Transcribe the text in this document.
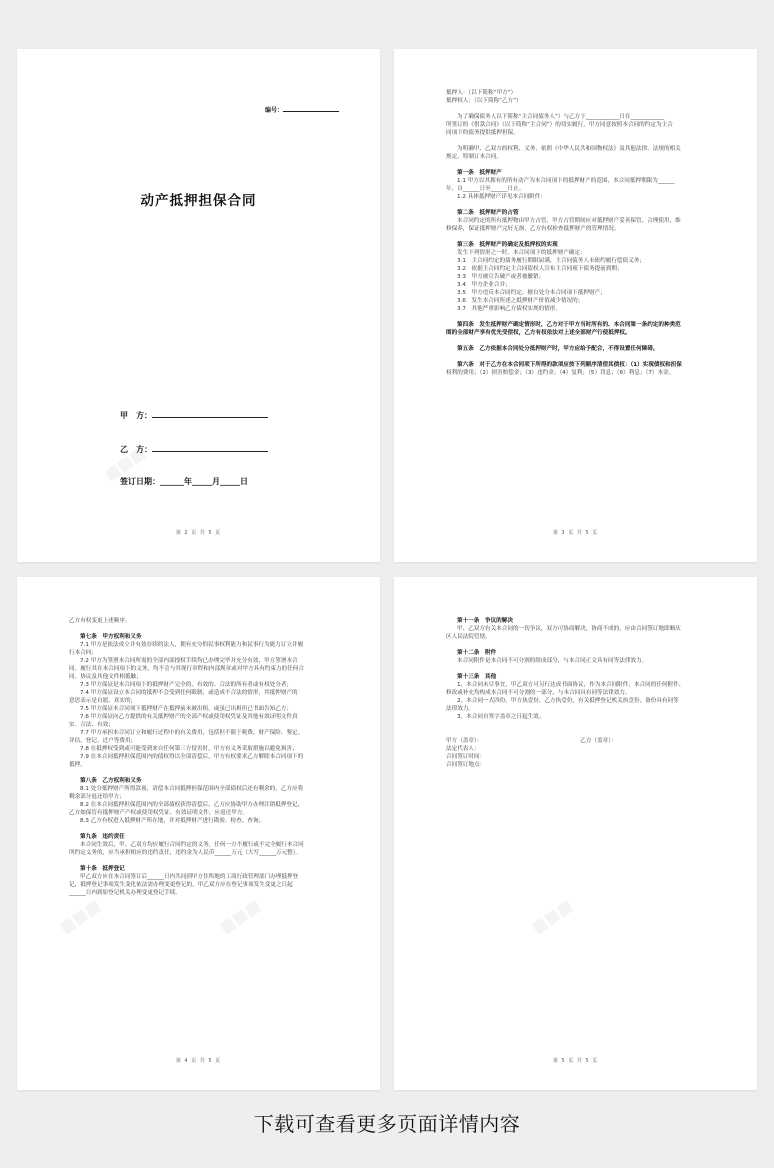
编号：
动产抵押担保合同
甲　方：
乙　方：
签订日期：______年_____月_____日
第 2 页 共 5 页
抵押人：（以下简称“甲方”）
抵押权人：（以下简称“乙方”）
为了确保债务人以下简称“主合同债务人”）与乙方于____________日在____________
所签订的《借款合同》（以下简称“主合同”）的切实履行，甲方同意按照本合同的约定为主合
同项下的债务提供抵押担保。
为明确甲、乙双方的权利、义务，依照《中华人民共和国物权法》及其他法律、法规的相关
规定，特制订本合同。
第一条　抵押财产
1.1 甲方以其拥有的所有动产为本合同项下的抵押财产的范围，本合同抵押期限为______
年，自______日至______日止。
1.2 具体抵押财产详见本合同附件：
第二条　抵押财产的占管
本合同约定的所有抵押物由甲方占管，甲方占管期间应对抵押财产妥善保管、合理使用、维
修保养，保证抵押财产完好无损，乙方有权检查抵押财产的管理情况。
第三条　抵押财产的确定及抵押权的实现
发生下列情形之一时，本合同项下的抵押财产确定：
3.1　主合同约定的债务履行期限届满，主合同债务人未依约履行偿债义务；
3.2　依据主合同约定主合同债权人宣布主合同项下债务提前到期；
3.3　甲方被宣告破产或者被撤销；
3.4　甲方企业合并；
3.5　甲方违反本合同约定，擅自处分本合同项下抵押财产；
3.6　发生本合同所述之抵押财产价值减少情况的；
3.7　其他严重影响乙方债权实现的情形。
第四条　发生抵押财产确定情形时，乙方对于甲方当时所有的、本合同第一条约定的种类范
围的全部财产享有优先受偿权，乙方有权依法对上述全部财产行使抵押权。
第五条　乙方依据本合同处分抵押财产时，甲方应给予配合，不得设置任何障碍。
第六条　对于乙方在本合同项下所得的款项应按下列顺序清偿其债权：（1）实现债权和担保
权利的费用；（2）损害赔偿金；（3）违约金；（4）复利；（5）罚息；（6）利息；（7）本金。
第 3 页 共 5 页
乙方有权变更上述顺序。
第七条　甲方权利和义务
7.1 甲方是依法成立并有效存续的法人，拥有充分的民事权利能力和民事行为能力订立并履
行本合同；
7.2 甲方为签署本合同所需的全部内部授权手续均已办理完毕并充分有效，甲方签署本合
同、履行其在本合同项下的义务，均不会与其现行章程和内部规章或对甲方具有约束力的任何合
同、协议及其他文件相抵触；
7.3 甲方保证是本合同项下的抵押财产完全的、有效的、合法的所有者或有权处分者；
7.4 甲方保证设立本合同的抵押不会受到任何限制，或造成不合法的情形，其抵押财产的
意思表示是自愿、真实的；
7.5 甲方保证本合同项下抵押财产在抵押前未被出租，或虽已出租但已书面告知乙方；
7.6 甲方保证向乙方提供的有关抵押财产的全部产权或使用权凭证及其他有效证明文件真
实、合法、有效；
7.7 甲方承担本合同订立和履行过程中的有关费用，包括但不限于税费、财产保险、鉴定、
评估、登记、过户等费用；
7.8 在抵押权受到或可能受到来自任何第三方侵害时，甲方有义务采取措施以避免损害；
7.9 在本合同抵押担保范围内的债权得以全部清偿后，甲方有权要求乙方解除本合同项下的
抵押。
第八条　乙方权利和义务
8.1 处分抵押财产所得款项，清偿本合同抵押担保范围内全部债权后还有剩余的，乙方应将
剩余部分退还给甲方；
8.2 在本合同抵押担保范围内的全部债权获得清偿后，乙方应协助甲方办理注销抵押登记，
乙方如保管有抵押财产产权或使用权凭证、有效证明文件，应返还甲方。
8.3 乙方有权进入抵押财产所在地，并对抵押财产进行勘验、检查、查询；
第九条　违约责任
本合同生效后，甲、乙双方均应履行合同约定的义务，任何一方不履行或不完全履行本合同
所约定义务的，应当承担相应的违约责任，违约金为人民币______万元（大写______万元整）。
第十条　抵押登记
甲乙双方应在本合同签订后______日内共同到甲方住所地的工商行政管理部门办理抵押登
记，抵押登记事项发生变化依法需办理变更登记的，甲乙双方应在登记事项发生变更之日起
______日内到原登记机关办理变更登记手续。
第 4 页 共 5 页
第十一条　争议的解决
甲、乙双方有关本合同的一切争议，双方可协商解决，协商不成的，应由合同签订地即顺庆
区人民法院管辖。
第十二条　附件
本合同附件是本合同不可分割的组成部分，与本合同正文具有同等法律效力。
第十三条　其他
1、本合同未尽事宜，甲乙双方可另行达成书面协议，作为本合同附件，本合同的任何附件、
修改或补充均构成本合同不可分割的一部分，与本合同具有同等法律效力。
2、本合同一式四份，甲方执壹份，乙方执壹份，有关抵押登记机关执壹份，备份具有同等
法律效力。
3、本合同自签字盖章之日起生效。
甲方（盖章）：　　　　　　　　　　　　　　　　　　乙方（盖章）：
法定代表人：
合同签订时间：
合同签订地点：
第 5 页 共 5 页
下载可查看更多页面详情内容
